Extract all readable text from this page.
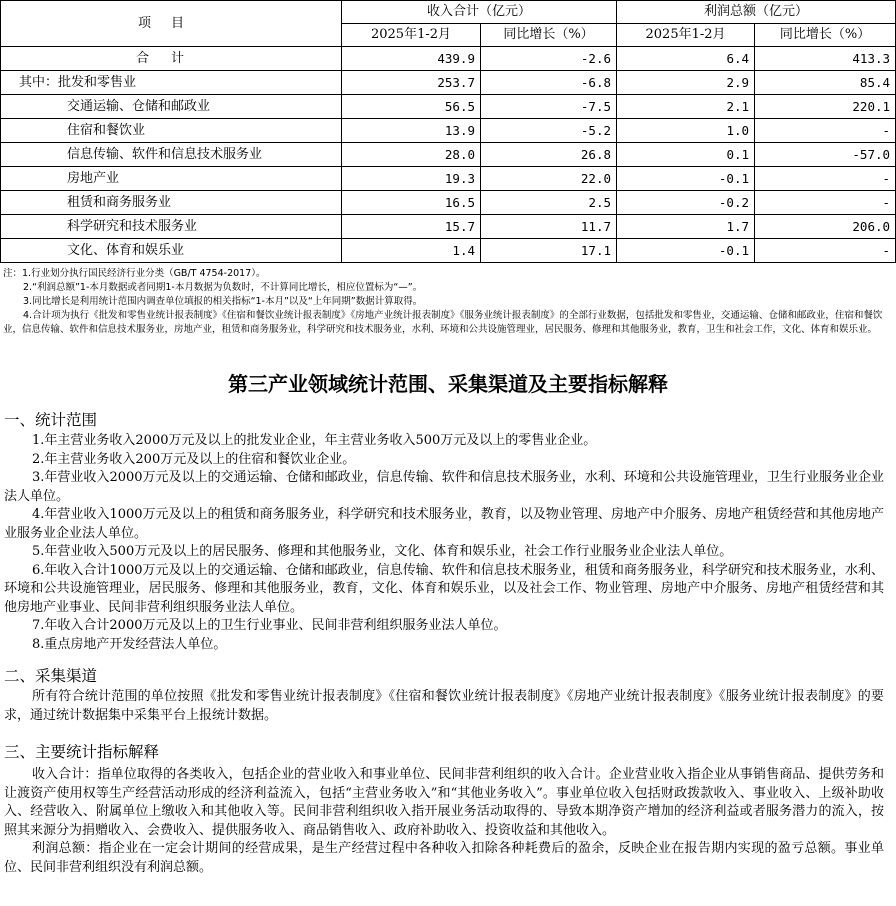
项目	收入合计（亿元）		利润总额（亿元）	
	2025年1-2月	同比增长（%）	2025年1-2月	同比增长（%）
合计	439.9	-2.6	6.4	413.3
其中：批发和零售业	253.7	-6.8	2.9	85.4
交通运输、仓储和邮政业	56.5	-7.5	2.1	220.1
住宿和餐饮业	13.9	-5.2	1.0	-
信息传输、软件和信息技术服务业	28.0	26.8	0.1	-57.0
房地产业	19.3	22.0	-0.1	-
租赁和商务服务业	16.5	2.5	-0.2	-
科学研究和技术服务业	15.7	11.7	1.7	206.0
文化、体育和娱乐业	1.4	17.1	-0.1	-

注：1.行业划分执行国民经济行业分类（GB/T 4754-2017）。

2.“利润总额”1-本月数据或者同期1-本月数据为负数时，不计算同比增长，相应位置标为“—”。

3.同比增长是利用统计范围内调查单位填报的相关指标“1-本月”以及“上年同期”数据计算取得。

4.合计项为执行《批发和零售业统计报表制度》《住宿和餐饮业统计报表制度》《房地产业统计报表制度》《服务业统计报表制度》的全部行业数据，包括批发和零售业，交通运输、仓储和邮政业，住宿和餐饮业，信息传输、软件和信息技术服务业，房地产业，租赁和商务服务业，科学研究和技术服务业，水利、环境和公共设施管理业，居民服务、修理和其他服务业，教育，卫生和社会工作，文化、体育和娱乐业。

第三产业领域统计范围、采集渠道及主要指标解释
一、统计范围

1.年主营业务收入2000万元及以上的批发业企业，年主营业务收入500万元及以上的零售业企业。

2.年主营业务收入200万元及以上的住宿和餐饮业企业。

3.年营业收入2000万元及以上的交通运输、仓储和邮政业，信息传输、软件和信息技术服务业，水利、环境和公共设施管理业，卫生行业服务业企业法人单位。

4.年营业收入1000万元及以上的租赁和商务服务业，科学研究和技术服务业，教育，以及物业管理、房地产中介服务、房地产租赁经营和其他房地产业服务业企业法人单位。

5.年营业收入500万元及以上的居民服务、修理和其他服务业，文化、体育和娱乐业，社会工作行业服务业企业法人单位。

6.年收入合计1000万元及以上的交通运输、仓储和邮政业，信息传输、软件和信息技术服务业，租赁和商务服务业，科学研究和技术服务业，水利、环境和公共设施管理业，居民服务、修理和其他服务业，教育，文化、体育和娱乐业，以及社会工作、物业管理、房地产中介服务、房地产租赁经营和其他房地产业事业、民间非营利组织服务业法人单位。

7.年收入合计2000万元及以上的卫生行业事业、民间非营利组织服务业法人单位。

8.重点房地产开发经营法人单位。

二、采集渠道

所有符合统计范围的单位按照《批发和零售业统计报表制度》《住宿和餐饮业统计报表制度》《房地产业统计报表制度》《服务业统计报表制度》的要求，通过统计数据集中采集平台上报统计数据。

三、主要统计指标解释

收入合计：指单位取得的各类收入，包括企业的营业收入和事业单位、民间非营利组织的收入合计。企业营业收入指企业从事销售商品、提供劳务和让渡资产使用权等生产经营活动形成的经济利益流入，包括“主营业务收入”和“其他业务收入”。事业单位收入包括财政拨款收入、事业收入、上级补助收入、经营收入、附属单位上缴收入和其他收入等。民间非营利组织收入指开展业务活动取得的、导致本期净资产增加的经济利益或者服务潜力的流入，按照其来源分为捐赠收入、会费收入、提供服务收入、商品销售收入、政府补助收入、投资收益和其他收入。

利润总额：指企业在一定会计期间的经营成果，是生产经营过程中各种收入扣除各种耗费后的盈余，反映企业在报告期内实现的盈亏总额。事业单位、民间非营利组织没有利润总额。
